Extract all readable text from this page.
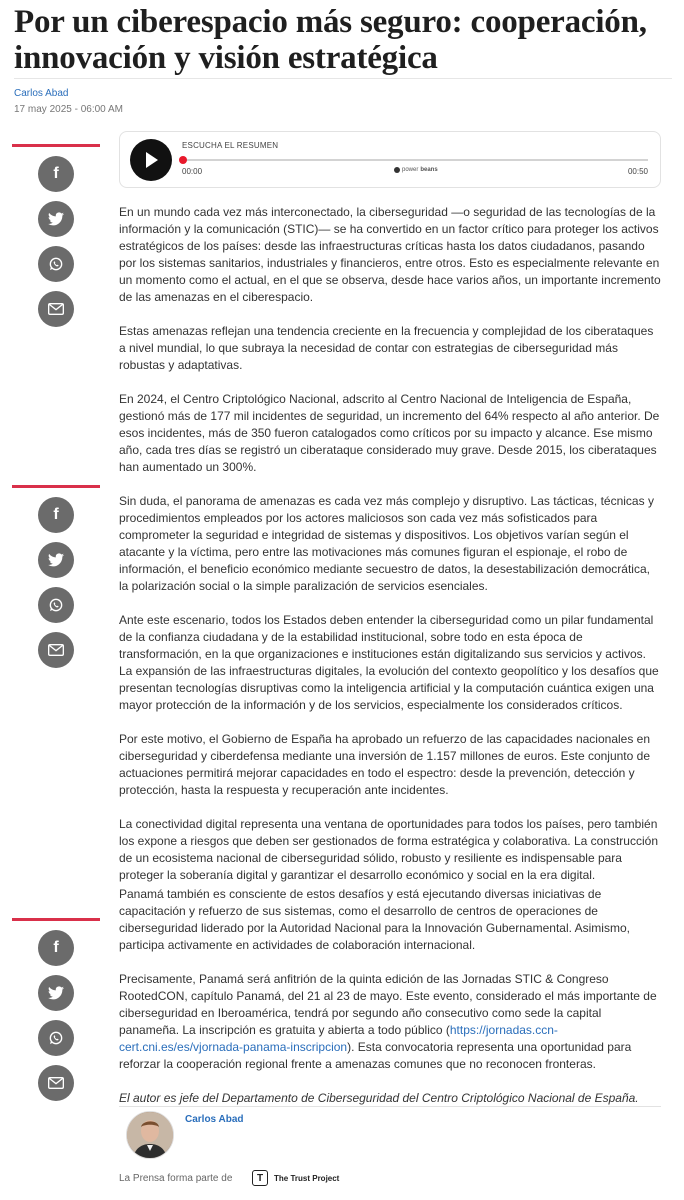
Por un ciberespacio más seguro: cooperación, innovación y visión estratégica
Carlos Abad
17 may 2025 - 06:00 AM
f
f
f
ESCUCHA EL RESUMEN
00:00	power beans	00:50

En un mundo cada vez más interconectado, la ciberseguridad —o seguridad de las tecnologías de la información y la comunicación (STIC)— se ha convertido en un factor crítico para proteger los activos estratégicos de los países: desde las infraestructuras críticas hasta los datos ciudadanos, pasando por los sistemas sanitarios, industriales y financieros, entre otros. Esto es especialmente relevante en un momento como el actual, en el que se observa, desde hace varios años, un importante incremento de las amenazas en el ciberespacio.

Estas amenazas reflejan una tendencia creciente en la frecuencia y complejidad de los ciberataques a nivel mundial, lo que subraya la necesidad de contar con estrategias de ciberseguridad más robustas y adaptativas.

En 2024, el Centro Criptológico Nacional, adscrito al Centro Nacional de Inteligencia de España, gestionó más de 177 mil incidentes de seguridad, un incremento del 64% respecto al año anterior. De esos incidentes, más de 350 fueron catalogados como críticos por su impacto y alcance. Ese mismo año, cada tres días se registró un ciberataque considerado muy grave. Desde 2015, los ciberataques han aumentado un 300%.

Sin duda, el panorama de amenazas es cada vez más complejo y disruptivo. Las tácticas, técnicas y procedimientos empleados por los actores maliciosos son cada vez más sofisticados para comprometer la seguridad e integridad de sistemas y dispositivos. Los objetivos varían según el atacante y la víctima, pero entre las motivaciones más comunes figuran el espionaje, el robo de información, el beneficio económico mediante secuestro de datos, la desestabilización democrática, la polarización social o la simple paralización de servicios esenciales.

Ante este escenario, todos los Estados deben entender la ciberseguridad como un pilar fundamental de la confianza ciudadana y de la estabilidad institucional, sobre todo en esta época de transformación, en la que organizaciones e instituciones están digitalizando sus servicios y activos. La expansión de las infraestructuras digitales, la evolución del contexto geopolítico y los desafíos que presentan tecnologías disruptivas como la inteligencia artificial y la computación cuántica exigen una mayor protección de la información y de los servicios, especialmente los considerados críticos.

Por este motivo, el Gobierno de España ha aprobado un refuerzo de las capacidades nacionales en ciberseguridad y ciberdefensa mediante una inversión de 1.157 millones de euros. Este conjunto de actuaciones permitirá mejorar capacidades en todo el espectro: desde la prevención, detección y protección, hasta la respuesta y recuperación ante incidentes.

La conectividad digital representa una ventana de oportunidades para todos los países, pero también los expone a riesgos que deben ser gestionados de forma estratégica y colaborativa. La construcción de un ecosistema nacional de ciberseguridad sólido, robusto y resiliente es indispensable para proteger la soberanía digital y garantizar el desarrollo económico y social en la era digital.

Panamá también es consciente de estos desafíos y está ejecutando diversas iniciativas de capacitación y refuerzo de sus sistemas, como el desarrollo de centros de operaciones de ciberseguridad liderado por la Autoridad Nacional para la Innovación Gubernamental. Asimismo, participa activamente en actividades de colaboración internacional.

Precisamente, Panamá será anfitrión de la quinta edición de las Jornadas STIC & Congreso RootedCON, capítulo Panamá, del 21 al 23 de mayo. Este evento, considerado el más importante de ciberseguridad en Iberoamérica, tendrá por segundo año consecutivo como sede la capital panameña. La inscripción es gratuita y abierta a todo público (https://jornadas.ccn-cert.cni.es/es/vjornada-panama-inscripcion). Esta convocatoria representa una oportunidad para reforzar la cooperación regional frente a amenazas comunes que no reconocen fronteras.

El autor es jefe del Departamento de Ciberseguridad del Centro Criptológico Nacional de España.

Carlos Abad
La Prensa forma parte de	T	The Trust Project
